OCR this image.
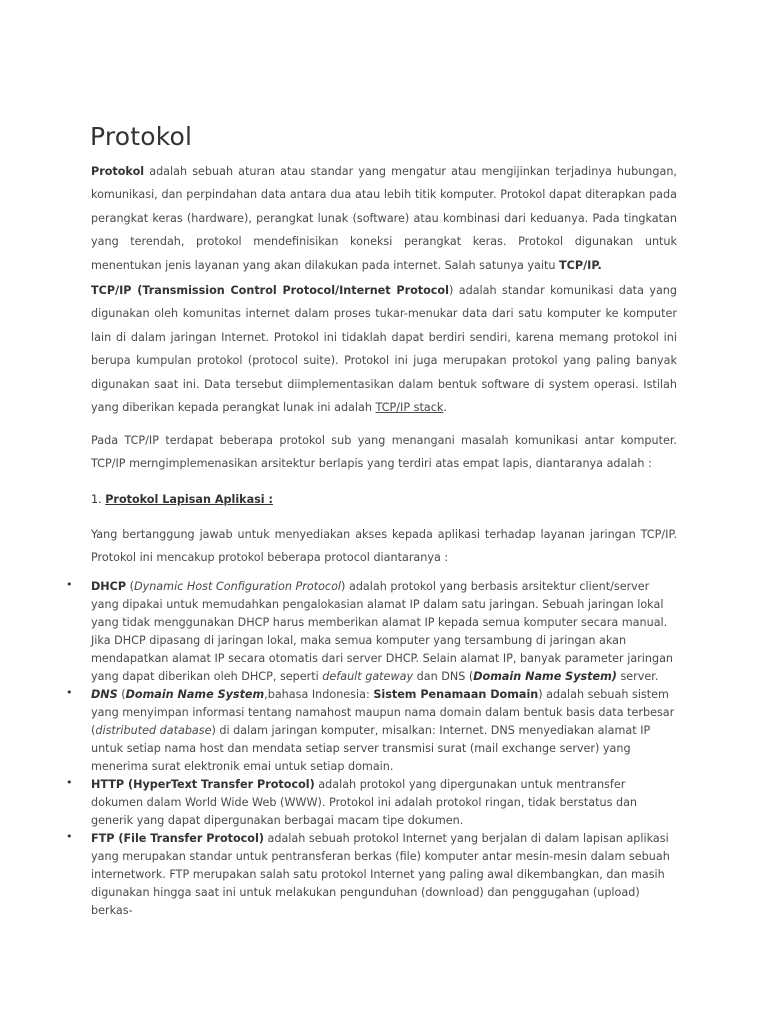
Protokol

Protokol adalah sebuah aturan atau standar yang mengatur atau mengijinkan terjadinya hubungan, komunikasi, dan perpindahan data antara dua atau lebih titik komputer. Protokol dapat diterapkan pada perangkat keras (hardware), perangkat lunak (software) atau kombinasi dari keduanya. Pada tingkatan yang terendah, protokol mendefinisikan koneksi perangkat keras. Protokol digunakan untuk menentukan jenis layanan yang akan dilakukan pada internet. Salah satunya yaitu TCP/IP.

TCP/IP (Transmission Control Protocol/Internet Protocol) adalah standar komunikasi data yang digunakan oleh komunitas internet dalam proses tukar-menukar data dari satu komputer ke komputer lain di dalam jaringan Internet. Protokol ini tidaklah dapat berdiri sendiri, karena memang protokol ini berupa kumpulan protokol (protocol suite). Protokol ini juga merupakan protokol yang paling banyak digunakan saat ini. Data tersebut diimplementasikan dalam bentuk software di system operasi. Istilah yang diberikan kepada perangkat lunak ini adalah TCP/IP stack.

Pada TCP/IP terdapat beberapa protokol sub yang menangani masalah komunikasi antar komputer. TCP/IP merngimplemenasikan arsitektur berlapis yang terdiri atas empat lapis, diantaranya adalah :

1. Protokol Lapisan Aplikasi :

Yang bertanggung jawab untuk menyediakan akses kepada aplikasi terhadap layanan jaringan TCP/IP. Protokol ini mencakup protokol beberapa protocol diantaranya :

• DHCP (Dynamic Host Configuration Protocol) adalah protokol yang berbasis arsitektur client/server yang dipakai untuk memudahkan pengalokasian alamat IP dalam satu jaringan. Sebuah jaringan lokal yang tidak menggunakan DHCP harus memberikan alamat IP kepada semua komputer secara manual. Jika DHCP dipasang di jaringan lokal, maka semua komputer yang tersambung di jaringan akan mendapatkan alamat IP secara otomatis dari server DHCP. Selain alamat IP, banyak parameter jaringan yang dapat diberikan oleh DHCP, seperti default gateway dan DNS (Domain Name System) server.

• DNS (Domain Name System,bahasa Indonesia: Sistem Penamaan Domain) adalah sebuah sistem yang menyimpan informasi tentang namahost maupun nama domain dalam bentuk basis data terbesar (distributed database) di dalam jaringan komputer, misalkan: Internet. DNS menyediakan alamat IP untuk setiap nama host dan mendata setiap server transmisi surat (mail exchange server) yang menerima surat elektronik emai untuk setiap domain.

• HTTP (HyperText Transfer Protocol) adalah protokol yang dipergunakan untuk mentransfer dokumen dalam World Wide Web (WWW). Protokol ini adalah protokol ringan, tidak berstatus dan generik yang dapat dipergunakan berbagai macam tipe dokumen.

• FTP (File Transfer Protocol) adalah sebuah protokol Internet yang berjalan di dalam lapisan aplikasi yang merupakan standar untuk pentransferan berkas (file) komputer antar mesin-mesin dalam sebuah internetwork. FTP merupakan salah satu protokol Internet yang paling awal dikembangkan, dan masih digunakan hingga saat ini untuk melakukan pengunduhan (download) dan penggugahan (upload) berkas-
